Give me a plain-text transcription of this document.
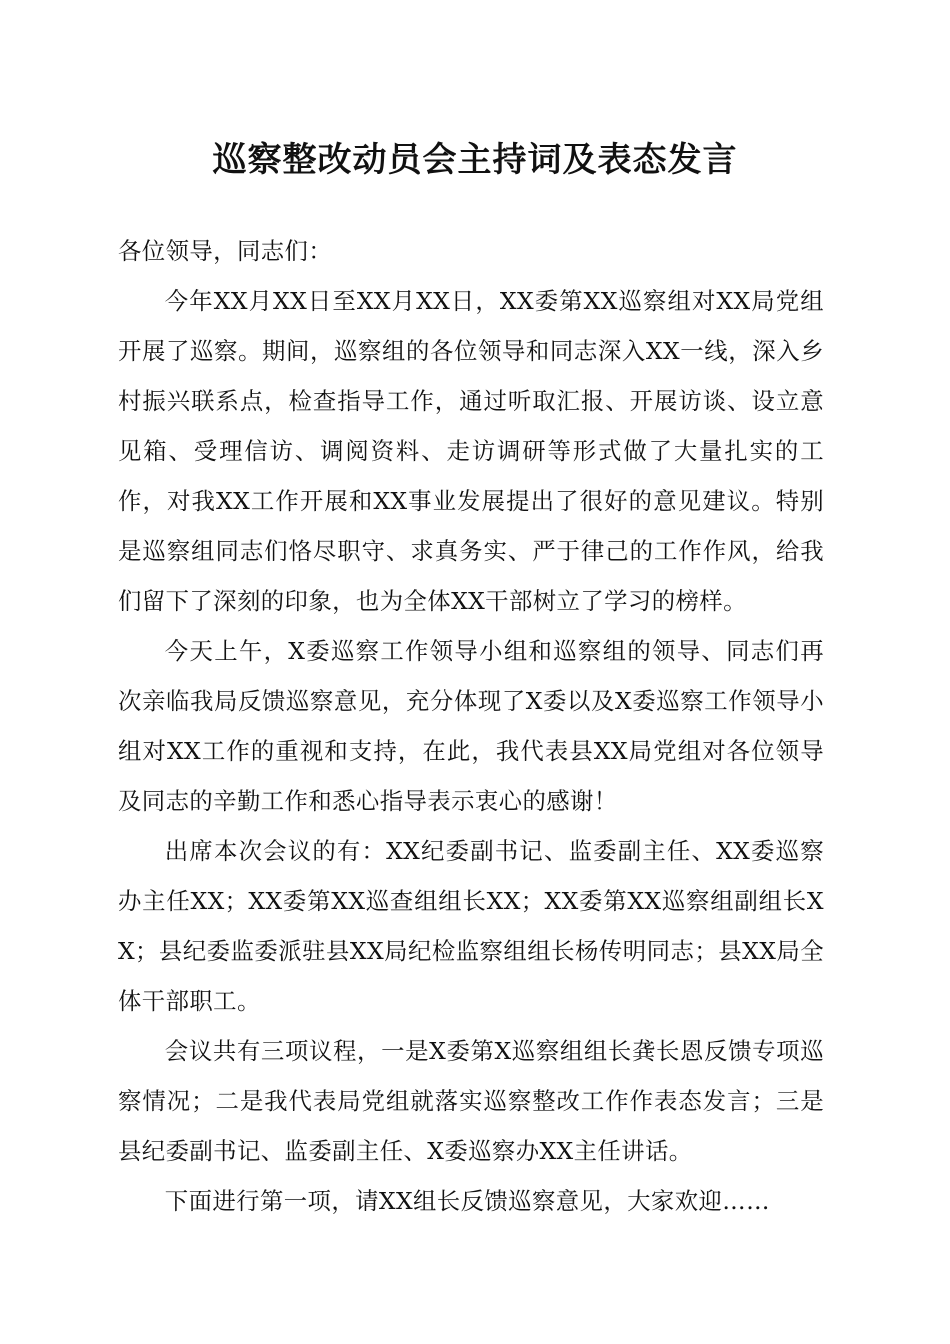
巡察整改动员会主持词及表态发言

各位领导，同志们：

今年XX月XX日至XX月XX日，XX委第XX巡察组对XX局党组开展了巡察。期间，巡察组的各位领导和同志深入XX一线，深入乡村振兴联系点，检查指导工作，通过听取汇报、开展访谈、设立意见箱、受理信访、调阅资料、走访调研等形式做了大量扎实的工作，对我XX工作开展和XX事业发展提出了很好的意见建议。特别是巡察组同志们恪尽职守、求真务实、严于律己的工作作风，给我们留下了深刻的印象，也为全体XX干部树立了学习的榜样。

今天上午，X委巡察工作领导小组和巡察组的领导、同志们再次亲临我局反馈巡察意见，充分体现了X委以及X委巡察工作领导小组对XX工作的重视和支持，在此，我代表县XX局党组对各位领导及同志的辛勤工作和悉心指导表示衷心的感谢！

出席本次会议的有：XX纪委副书记、监委副主任、XX委巡察办主任XX；XX委第XX巡查组组长XX；XX委第XX巡察组副组长XX；县纪委监委派驻县XX局纪检监察组组长杨传明同志；县XX局全体干部职工。

会议共有三项议程，一是X委第X巡察组组长龚长恩反馈专项巡察情况；二是我代表局党组就落实巡察整改工作作表态发言；三是县纪委副书记、监委副主任、X委巡察办XX主任讲话。

下面进行第一项，请XX组长反馈巡察意见，大家欢迎……
